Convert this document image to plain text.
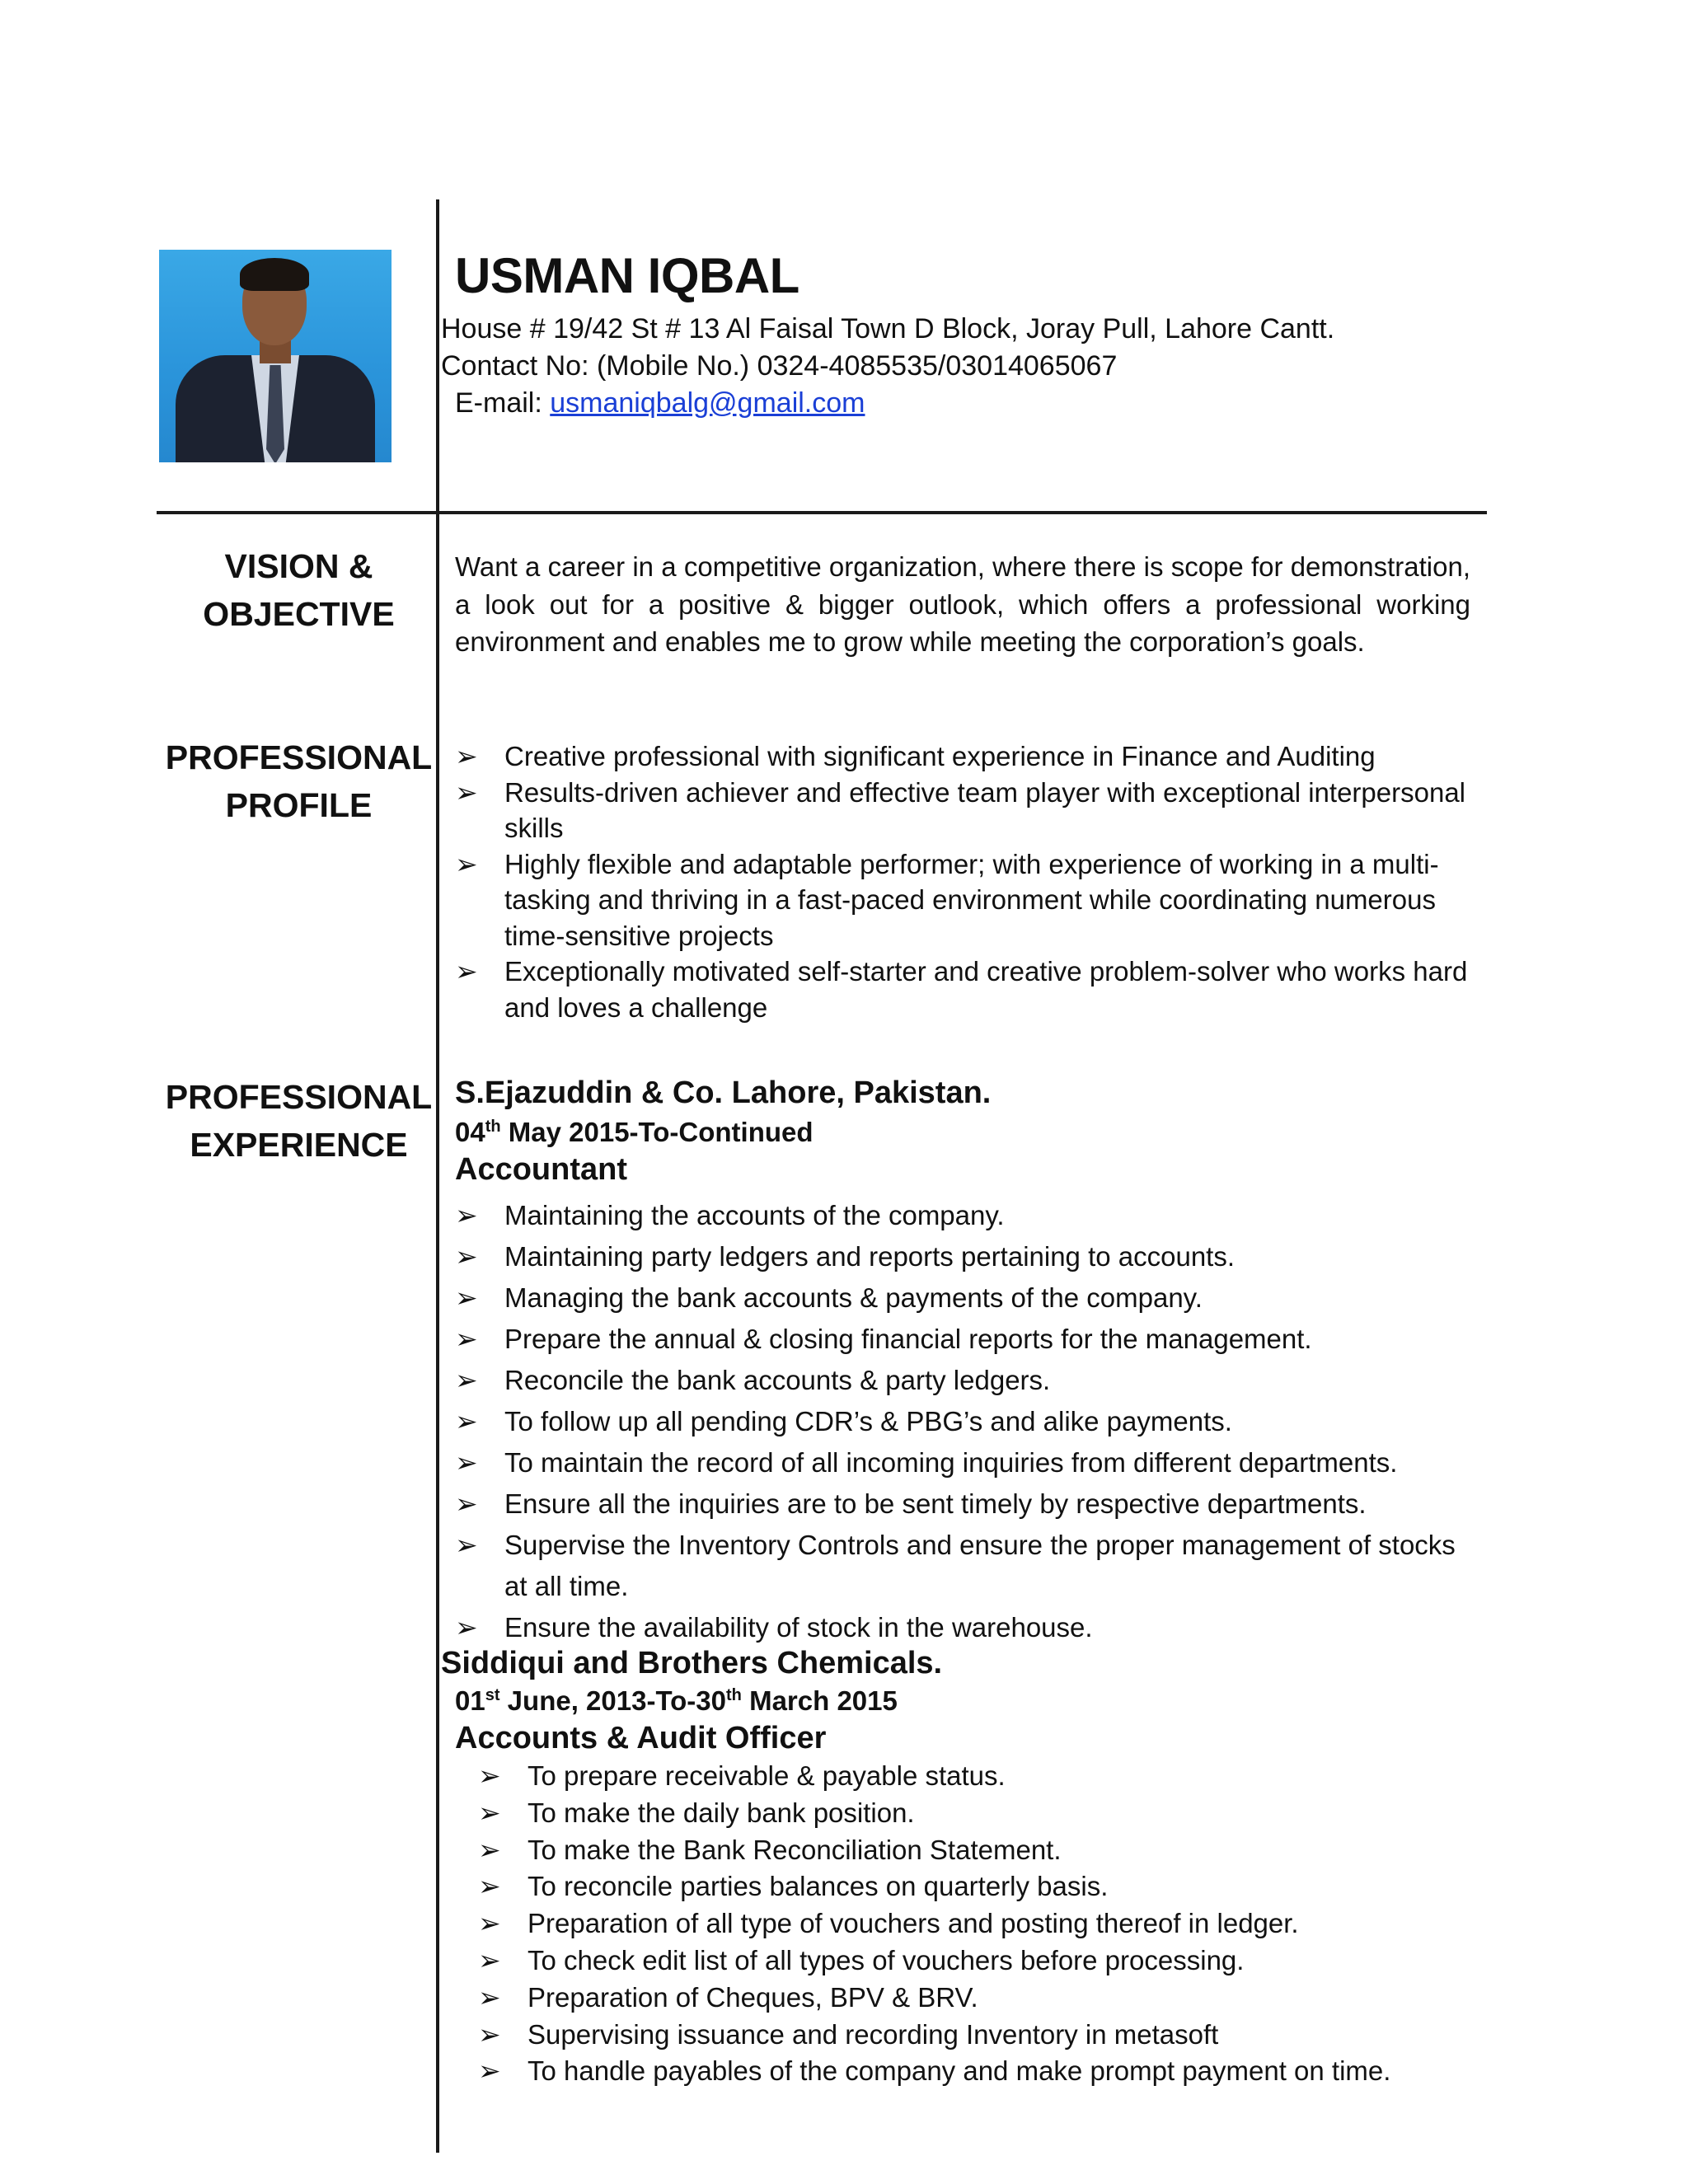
USMAN IQBAL
House # 19/42 St # 13 Al Faisal Town D Block, Joray Pull, Lahore Cantt.
Contact No: (Mobile No.) 0324-4085535/03014065067
E-mail: usmaniqbalg@gmail.com
VISION &
OBJECTIVE
Want a career in a competitive organization, where there is scope for demonstration, a look out for a positive & bigger outlook, which offers a professional working environment and enables me to grow while meeting the corporation’s goals.
PROFESSIONAL
PROFILE
➢ Creative professional with significant experience in Finance and Auditing
➢ Results-driven achiever and effective team player with exceptional interpersonal skills
➢ Highly flexible and adaptable performer; with experience of working in a multi-tasking and thriving in a fast-paced environment while coordinating numerous time-sensitive projects
➢ Exceptionally motivated self-starter and creative problem-solver who works hard and loves a challenge
PROFESSIONAL
EXPERIENCE
S.Ejazuddin & Co. Lahore, Pakistan.
04th May 2015-To-Continued
Accountant
➢ Maintaining the accounts of the company.
➢ Maintaining party ledgers and reports pertaining to accounts.
➢ Managing the bank accounts & payments of the company.
➢ Prepare the annual & closing financial reports for the management.
➢ Reconcile the bank accounts & party ledgers.
➢ To follow up all pending CDR’s & PBG’s and alike payments.
➢ To maintain the record of all incoming inquiries from different departments.
➢ Ensure all the inquiries are to be sent timely by respective departments.
➢ Supervise the Inventory Controls and ensure the proper management of stocks at all time.
➢ Ensure the availability of stock in the warehouse.
Siddiqui and Brothers Chemicals.
01st June, 2013-To-30th March 2015
Accounts & Audit Officer
➢ To prepare receivable & payable status.
➢ To make the daily bank position.
➢ To make the Bank Reconciliation Statement.
➢ To reconcile parties balances on quarterly basis.
➢ Preparation of all type of vouchers and posting thereof in ledger.
➢ To check edit list of all types of vouchers before processing.
➢ Preparation of Cheques, BPV & BRV.
➢ Supervising issuance and recording Inventory in metasoft
➢ To handle payables of the company and make prompt payment on time.
